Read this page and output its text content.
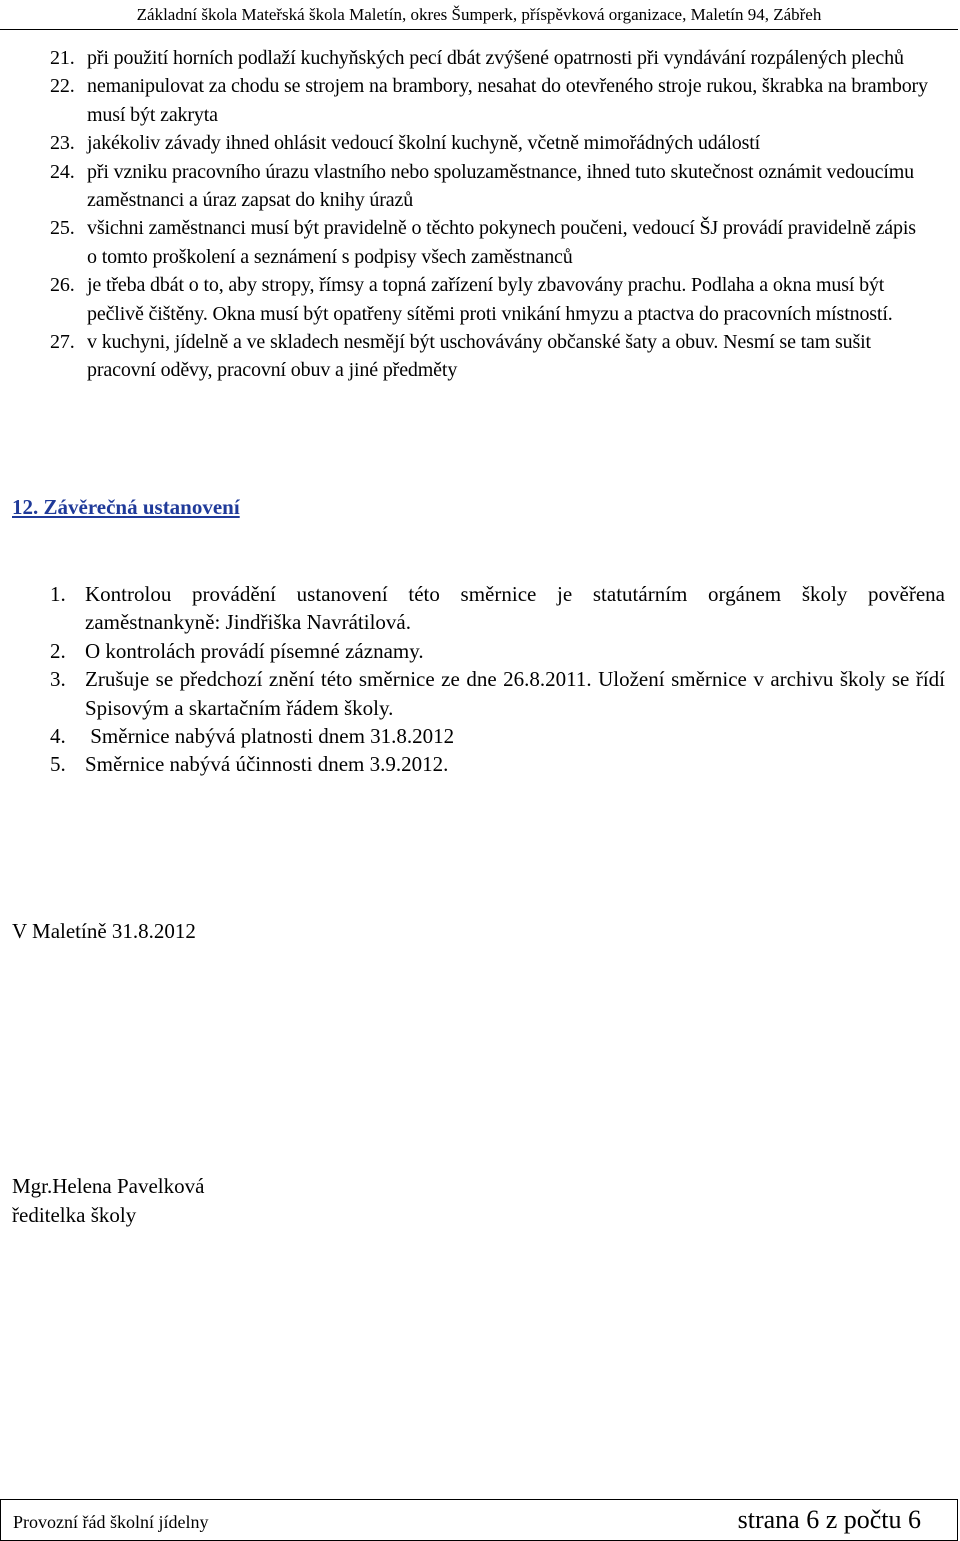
Základní škola Mateřská škola Maletín, okres Šumperk, příspěvková organizace, Maletín 94, Zábřeh
21. při použití horních podlaží kuchyňských pecí dbát zvýšené opatrnosti při vyndávání rozpálených plechů
22. nemanipulovat za chodu se strojem na brambory, nesahat do otevřeného stroje rukou, škrabka na brambory musí být zakryta
23. jakékoliv závady ihned ohlásit vedoucí školní kuchyně, včetně mimořádných událostí
24. při vzniku pracovního úrazu vlastního nebo spoluzaměstnance, ihned tuto skutečnost oznámit vedoucímu zaměstnanci a úraz zapsat do knihy úrazů
25. všichni zaměstnanci musí být pravidelně o těchto pokynech poučeni, vedoucí ŠJ provádí pravidelně zápis o tomto proškolení a seznámení s podpisy všech zaměstnanců
26. je třeba dbát o to, aby stropy, římsy a topná zařízení byly zbavovány prachu. Podlaha a okna musí být pečlivě čištěny. Okna musí být opatřeny sítěmi proti vnikání hmyzu a ptactva do pracovních místností.
27. v kuchyni, jídelně a ve skladech nesmějí být uschovávány občanské šaty a obuv. Nesmí se tam sušit pracovní oděvy, pracovní obuv a jiné předměty
12. Závěrečná ustanovení
1. Kontrolou provádění ustanovení této směrnice je statutárním orgánem školy pověřena zaměstnankyně: Jindřiška Navrátilová.
2. O kontrolách provádí písemné záznamy.
3. Zrušuje se předchozí znění této směrnice ze dne 26.8.2011. Uložení směrnice v archivu školy se řídí Spisovým a skartačním řádem školy.
4. Směrnice nabývá platnosti dnem 31.8.2012
5. Směrnice nabývá účinnosti dnem 3.9.2012.

V Maletíně 31.8.2012

Mgr.Helena Pavelková
ředitelka školy
Provozní řád školní jídelny	strana 6 z počtu 6
